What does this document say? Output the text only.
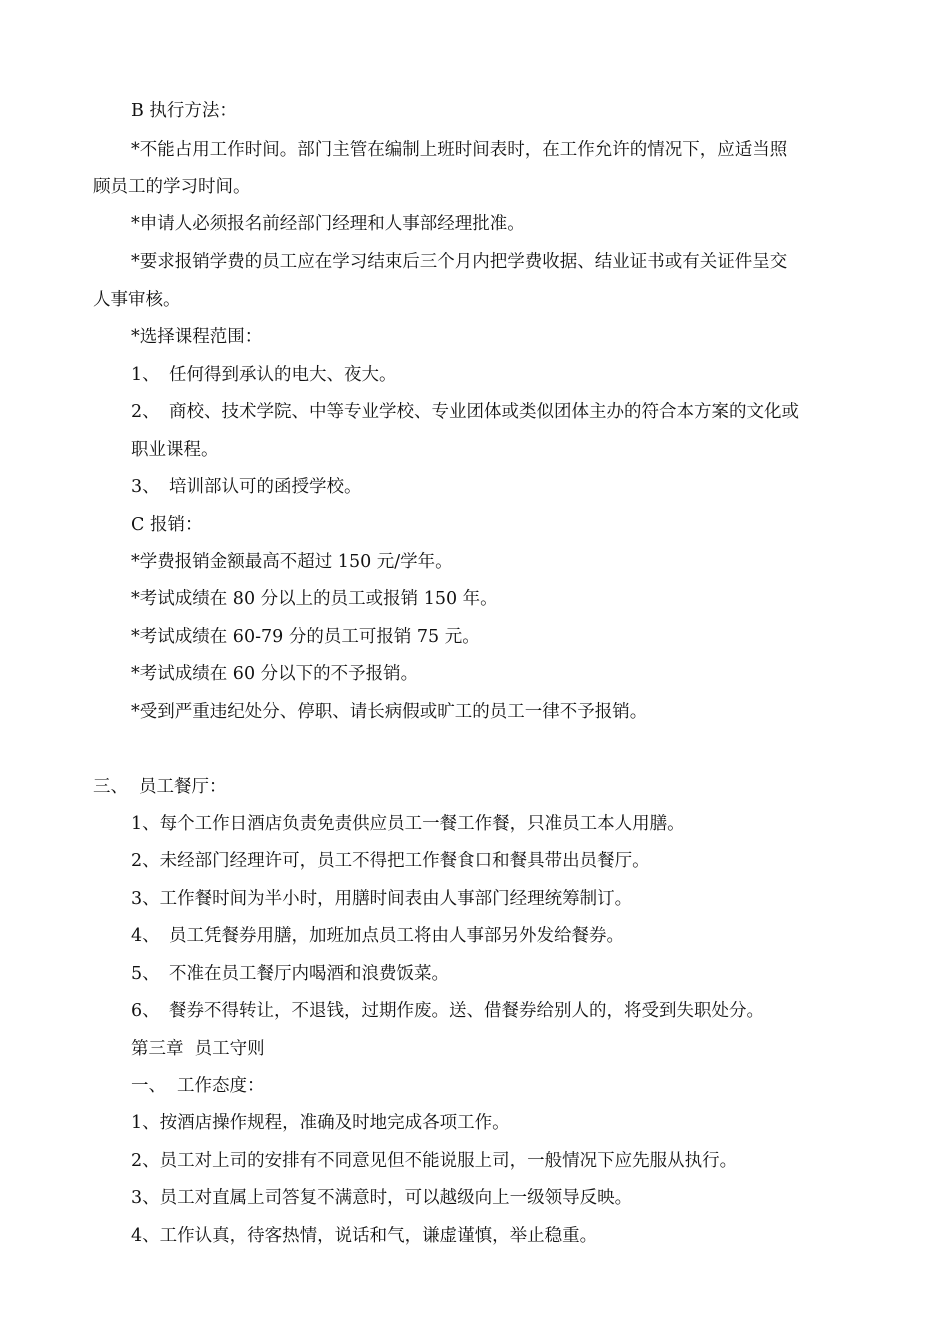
B 执行方法：
*不能占用工作时间。部门主管在编制上班时间表时，在工作允许的情况下，应适当照
顾员工的学习时间。
*申请人必须报名前经部门经理和人事部经理批准。
*要求报销学费的员工应在学习结束后三个月内把学费收据、结业证书或有关证件呈交
人事审核。
*选择课程范围：
1、 任何得到承认的电大、夜大。
2、 商校、技术学院、中等专业学校、专业团体或类似团体主办的符合本方案的文化或
职业课程。
3、 培训部认可的函授学校。
C 报销：
*学费报销金额最高不超过 150 元/学年。
*考试成绩在 80 分以上的员工或报销 150 年。
*考试成绩在 60-79 分的员工可报销 75 元。
*考试成绩在 60 分以下的不予报销。
*受到严重违纪处分、停职、请长病假或旷工的员工一律不予报销。
三、 员工餐厅：
1、每个工作日酒店负责免责供应员工一餐工作餐，只准员工本人用膳。
2、未经部门经理许可，员工不得把工作餐食口和餐具带出员餐厅。
3、工作餐时间为半小时，用膳时间表由人事部门经理统筹制订。
4、 员工凭餐券用膳，加班加点员工将由人事部另外发给餐券。
5、 不准在员工餐厅内喝酒和浪费饭菜。
6、 餐券不得转让，不退钱，过期作废。送、借餐券给别人的，将受到失职处分。
第三章  员工守则
一、 工作态度：
1、按酒店操作规程，准确及时地完成各项工作。
2、员工对上司的安排有不同意见但不能说服上司，一般情况下应先服从执行。
3、员工对直属上司答复不满意时，可以越级向上一级领导反映。
4、工作认真，待客热情，说话和气，谦虚谨慎，举止稳重。
